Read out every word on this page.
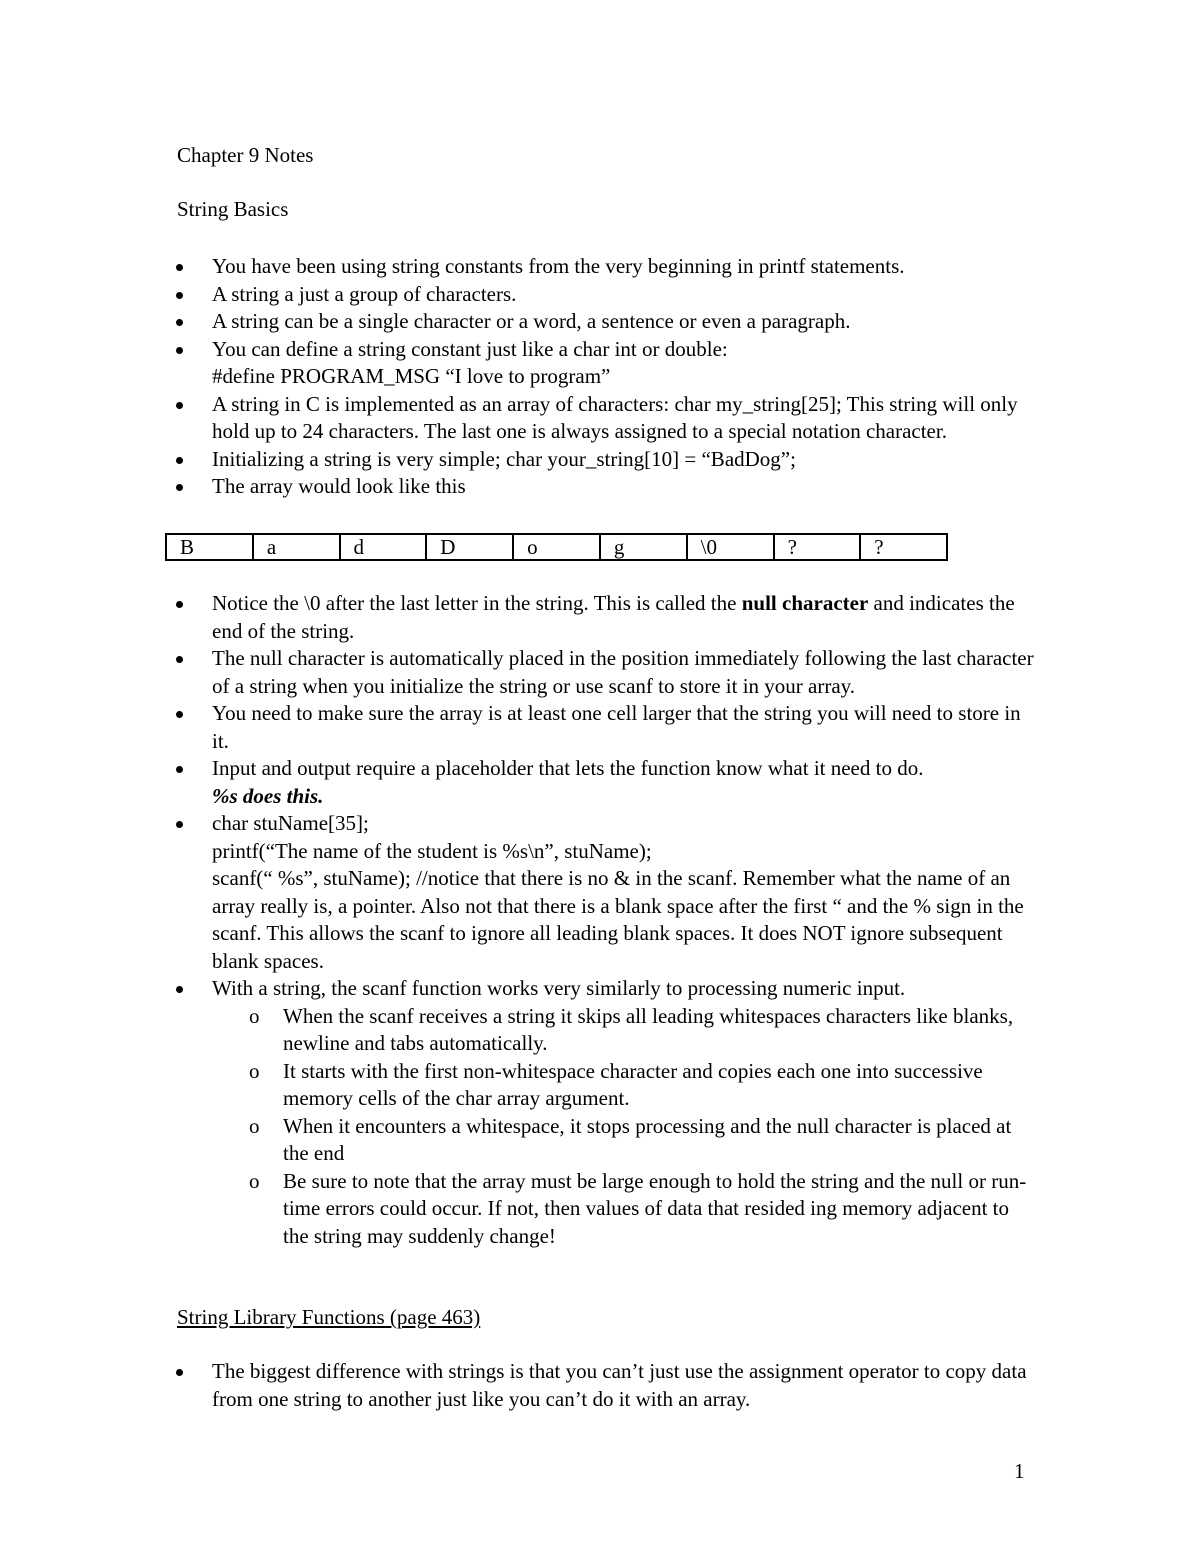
Chapter 9 Notes
String Basics
You have been using string constants from the very beginning in printf statements.
A string a just a group of characters.
A string can be a single character or a word, a sentence or even a paragraph.
You can define a string constant just like a char int or double:
#define PROGRAM_MSG “I love to program”
A string in C is implemented as an array of characters: char my_string[25]; This string will only hold up to 24 characters. The last one is always assigned to a special notation character.
Initializing a string is very simple; char your_string[10] = “BadDog”;
The array would look like this
B	a	d	D	o	g	\0	?	?
Notice the \0 after the last letter in the string. This is called the null character and indicates the end of the string.
The null character is automatically placed in the position immediately following the last character of a string when you initialize the string or use scanf to store it in your array.
You need to make sure the array is at least one cell larger that the string you will need to store in it.
Input and output require a placeholder that lets the function know what it need to do.
%s does this.
char stuName[35];
printf(“The name of the student is %s\n”, stuName);
scanf(“ %s”, stuName); //notice that there is no & in the scanf. Remember what the name of an array really is, a pointer. Also not that there is a blank space after the first “ and the % sign in the scanf. This allows the scanf to ignore all leading blank spaces. It does NOT ignore subsequent blank spaces.
With a string, the scanf function works very similarly to processing numeric input.
o When the scanf receives a string it skips all leading whitespaces characters like blanks, newline and tabs automatically.
o It starts with the first non-whitespace character and copies each one into successive memory cells of the char array argument.
o When it encounters a whitespace, it stops processing and the null character is placed at the end
o Be sure to note that the array must be large enough to hold the string and the null or run-time errors could occur. If not, then values of data that resided ing memory adjacent to the string may suddenly change!
String Library Functions (page 463)
The biggest difference with strings is that you can’t just use the assignment operator to copy data from one string to another just like you can’t do it with an array.
1
